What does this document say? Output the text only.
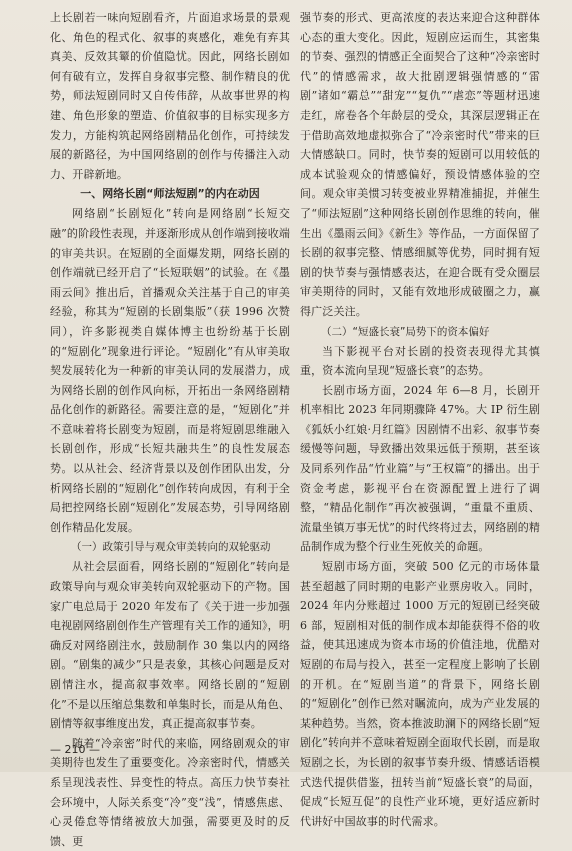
上长剧若一味向短剧看齐，片面追求场景的景观化、角色的程式化、叙事的爽感化，难免有弃其真美、反效其颦的价值隐忧。因此，网络长剧如何有破有立，发挥自身叙事完整、制作精良的优势，师法短剧同时又自传伟辞，从故事世界的构建、角色形象的塑造、价值叙事的目标实现多方发力，方能构筑起网络剧精品化创作，可持续发展的新路径，为中国网络剧的创作与传播注入动力、开辟新地。

一、网络长剧“师法短剧”的内在动因

网络剧“长剧短化”转向是网络剧“长短交融”的阶段性表现，并逐渐形成从创作端到接收端的审美共识。在短剧的全面爆发期，网络长剧的创作端就已经开启了“长短联姻”的试验。在《墨雨云间》推出后，首播观众关注基于自己的审美经验，称其为“短剧的长剧集版”（获 1996 次赞同），许多影视类自媒体博主也纷纷基于长剧的“短剧化”现象进行评论。“短剧化”有从审美取契发展转化为一种新的审美认同的发展潜力，成为网络长剧的创作风向标，开拓出一条网络剧精品化创作的新路径。需要注意的是，“短剧化”并不意味着将长剧变为短剧，而是将短剧思维融入长剧创作，形成“长短共融共生”的良性发展态势。以从社会、经济背景以及创作团队出发，分析网络长剧的“短剧化”创作转向成因，有利于全局把控网络长剧“短剧化”发展态势，引导网络剧创作精品化发展。

（一）政策引导与观众审美转向的双轮驱动

从社会层面看，网络长剧的“短剧化”转向是政策导向与观众审美转向双轮驱动下的产物。国家广电总局于 2020 年发布了《关于进一步加强电视剧网络剧创作生产管理有关工作的通知》，明确反对网络剧注水，鼓励制作 30 集以内的网络剧。“剧集的减少”只是表象，其核心问题是反对剧情注水，提高叙事效率。网络长剧的“短剧化”不是以压缩总集数和单集时长，而是从角色、剧情等叙事维度出发，真正提高叙事节奏。

随着“冷亲密”时代的来临，网络剧观众的审美期待也发生了重要变化。冷亲密时代，情感关系呈现浅表性、异变性的特点。高压力快节奏社会环境中，人际关系变“冷”变“浅”，情感焦虑、心灵倦怠等情绪被放大加强，需要更及时的反馈、更

强节奏的形式、更高浓度的表达来迎合这种群体心态的重大变化。因此，短剧应运而生，其密集的节奏、强烈的情感正全面契合了这种“冷亲密时代”的情感需求，故大批剧逻辑强情感的“雷剧”诸如“霸总”“甜宠”“复仇”“虐恋”等题材迅速走红，席卷各个年龄层的受众，其深层逻辑正在于借助高效地虚拟弥合了“冷亲密时代”带来的巨大情感缺口。同时，快节奏的短剧可以用较低的成本试验观众的情感偏好，预设情感体验的空间。观众审美惯习转变被业界精准捕捉，并催生了“师法短剧”这种网络长剧创作思维的转向，催生出《墨雨云间》《新生》等作品，一方面保留了长剧的叙事完整、情感细腻等优势，同时拥有短剧的快节奏与强情感表达，在迎合既有受众圈层审美期待的同时，又能有效地形成破圈之力，赢得广泛关注。

（二）“短盛长衰”局势下的资本偏好

当下影视平台对长剧的投资表现得尤其慎重，资本流向呈现“短盛长衰”的态势。

长剧市场方面，2024 年 6—8 月，长剧开机率相比 2023 年同期骤降 47%。大 IP 衍生剧《狐妖小红娘·月红篇》因剧情不出彩、叙事节奏缓慢等问题，导致播出效果远低于预期，甚至该及同系列作品“竹业篇”与“王权篇”的播出。出于资金考虑，影视平台在资源配置上进行了调整，“精品化制作”再次被强调，“重量不重质、流量坐镇万事无忧”的时代终将过去，网络剧的精品制作成为整个行业生死攸关的命题。

短剧市场方面，突破 500 亿元的市场体量甚至超越了同时期的电影产业票房收入。同时，2024 年内分账超过 1000 万元的短剧已经突破 6 部，短剧相对低的制作成本却能获得不俗的收益，使其迅速成为资本市场的价值洼地，优酷对短剧的布局与投入，甚至一定程度上影响了长剧的开机。在“短剧当道”的背景下，网络长剧的“短剧化”创作已然对瞩流向，成为产业发展的某种趋势。当然，资本推波助澜下的网络长剧“短剧化”转向并不意味着短剧全面取代长剧，而是取短剧之长，为长剧的叙事节奏升级、情感话语模式迭代提供借鉴，扭转当前“短盛长衰”的局面，促成“长短互促”的良性产业环境，更好适应新时代讲好中国故事的时代需求。

— 210 —
